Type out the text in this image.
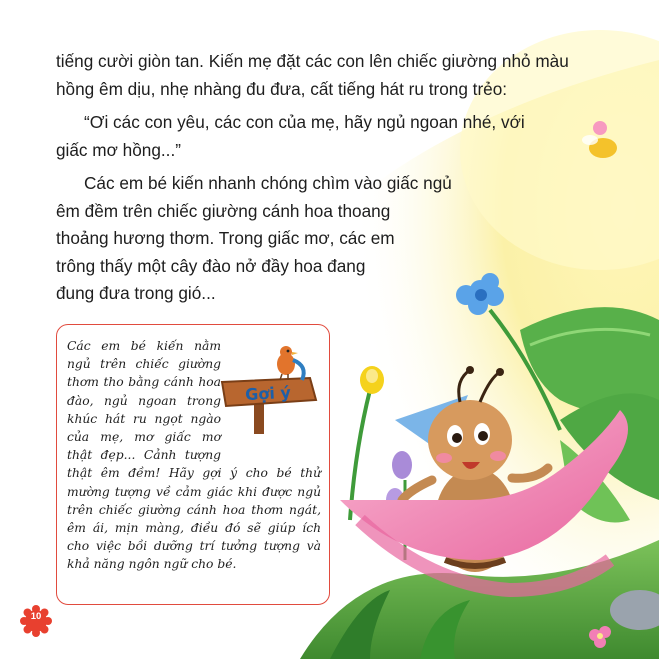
tiếng cười giòn tan. Kiến mẹ đặt các con lên chiếc giường nhỏ màu

hồng êm dịu, nhẹ nhàng đu đưa, cất tiếng hát ru trong trẻo:

“Ơi các con yêu, các con của mẹ, hãy ngủ ngoan nhé, với

giấc mơ hồng...”

Các em bé kiến nhanh chóng chìm vào giấc ngủ

êm đềm trên chiếc giường cánh hoa thoang

thoảng hương thơm. Trong giấc mơ, các em

trông thấy một cây đào nở đầy hoa đang

đung đưa trong gió...

Các em bé kiến nằm ngủ trên chiếc giường thơm tho bằng cánh hoa đào, ngủ ngoan trong khúc hát ru ngọt ngào của mẹ, mơ giấc mơ thật đẹp... Cảnh tượng thật êm đềm! Hãy gợi ý cho bé thử mường tượng về cảm giác khi được ngủ trên chiếc giường cánh hoa thơm ngát, êm ái, mịn màng, điều đó sẽ giúp ích cho việc bồi dưỡng trí tưởng tượng và khả năng ngôn ngữ cho bé.

Gợi ý
10
